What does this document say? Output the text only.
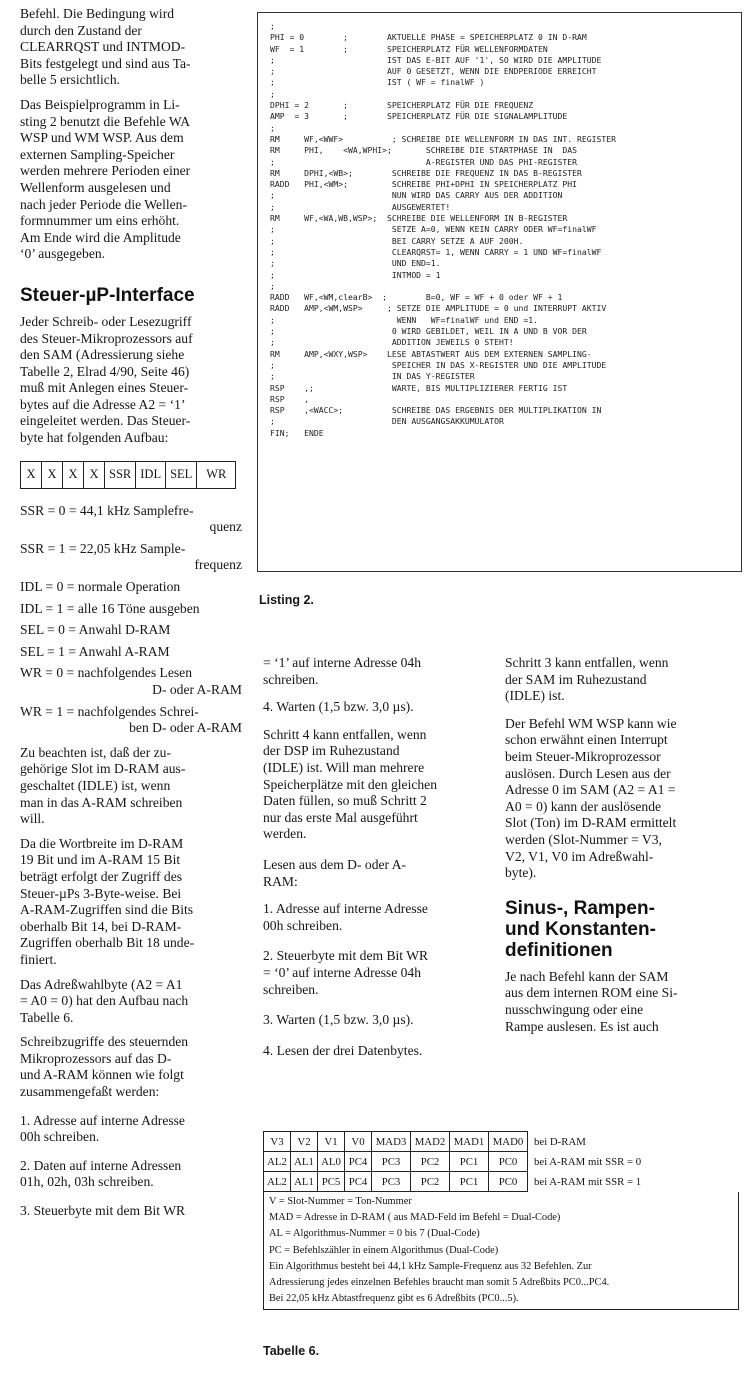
Befehl. Die Bedingung wird

durch den Zustand der

CLEARRQST und INTMOD-

Bits festgelegt und sind aus Ta-

belle 5 ersichtlich.

Das Beispielprogramm in Li-

sting 2 benutzt die Befehle WA

WSP und WM WSP. Aus dem

externen Sampling-Speicher

werden mehrere Perioden einer

Wellenform ausgelesen und

nach jeder Periode die Wellen-

formnummer um eins erhöht.

Am Ende wird die Amplitude

‘0’ ausgegeben.

Steuer-µP-Interface

Jeder Schreib- oder Lesezugriff

des Steuer-Mikroprozessors auf

den SAM (Adressierung siehe

Tabelle 2, Elrad 4/90, Seite 46)

muß mit Anlegen eines Steuer-

bytes auf die Adresse A2 = ‘1’

eingeleitet werden. Das Steuer-

byte hat folgenden Aufbau:

X	X	X	X	SSR	IDL	SEL	WR

SSR = 0 = 44,1 kHz Samplefre-

quenz

SSR = 1 = 22,05 kHz Sample-

frequenz

IDL = 0 = normale Operation

IDL = 1 = alle 16 Töne ausgeben

SEL = 0 = Anwahl D-RAM

SEL = 1 = Anwahl A-RAM

WR = 0 = nachfolgendes Lesen

D- oder A-RAM

WR = 1 = nachfolgendes Schrei-

ben D- oder A-RAM

Zu beachten ist, daß der zu-

gehörige Slot im D-RAM aus-

geschaltet (IDLE) ist, wenn

man in das A-RAM schreiben

will.

Da die Wortbreite im D-RAM

19 Bit und im A-RAM 15 Bit

beträgt erfolgt der Zugriff des

Steuer-µPs 3-Byte-weise. Bei

A-RAM-Zugriffen sind die Bits

oberhalb Bit 14, bei D-RAM-

Zugriffen oberhalb Bit 18 unde-

finiert.

Das Adreßwahlbyte (A2 = A1

= A0 = 0) hat den Aufbau nach

Tabelle 6.

Schreibzugriffe des steuernden

Mikroprozessors auf das D-

und A-RAM können wie folgt

zusammengefaßt werden:

1. Adresse auf interne Adresse

00h schreiben.

2. Daten auf interne Adressen

01h, 02h, 03h schreiben.

3. Steuerbyte mit dem Bit WR

;
PHI = 0        ;        AKTUELLE PHASE = SPEICHERPLATZ 0 IN D-RAM
WF  = 1        ;        SPEICHERPLATZ FÜR WELLENFORMDATEN
;                       IST DAS E-BIT AUF '1', SO WIRD DIE AMPLITUDE
;                       AUF 0 GESETZT, WENN DIE ENDPERIODE ERREICHT
;                       IST ( WF = finalWF )
;
DPHI = 2       ;        SPEICHERPLATZ FÜR DIE FREQUENZ
AMP  = 3       ;        SPEICHERPLATZ FÜR DIE SIGNALAMPLITUDE
;
RM     WF,<WWF>          ; SCHREIBE DIE WELLENFORM IN DAS INT. REGISTER
RM     PHI,    <WA,WPHI>;       SCHREIBE DIE STARTPHASE IN  DAS
;                               A-REGISTER UND DAS PHI-REGISTER
RM     DPHI,<WB>;        SCHREIBE DIE FREQUENZ IN DAS B-REGISTER
RADD   PHI,<WM>;         SCHREIBE PHI+DPHI IN SPEICHERPLATZ PHI
;                        NUN WIRD DAS CARRY AUS DER ADDITION
;                        AUSGEWERTET!
RM     WF,<WA,WB,WSP>;  SCHREIBE DIE WELLENFORM IN B-REGISTER
;                        SETZE A=0, WENN KEIN CARRY ODER WF=finalWF
;                        BEI CARRY SETZE A AUF 200H.
;                        CLEARQRST= 1, WENN CARRY = 1 UND WF=finalWF
;                        UND END=1.
;                        INTMOD = 1
;
RADD   WF,<WM,clearB>  ;        B=0, WF = WF + 0 oder WF + 1
RADD   AMP,<WM,WSP>     ; SETZE DIE AMPLITUDE = 0 und INTERRUPT AKTIV
;                         WENN   WF=finalWF und END =1.
;                        0 WIRD GEBILDET, WEIL IN A UND B VOR DER
;                        ADDITION JEWEILS 0 STEHT!
RM     AMP,<WXY,WSP>    LESE ABTASTWERT AUS DEM EXTERNEN SAMPLING-
;                        SPEICHER IN DAS X-REGISTER UND DIE AMPLITUDE
;                        IN DAS Y-REGISTER
RSP    ,;                WARTE, BIS MULTIPLIZIERER FERTIG IST
RSP    ,
RSP    ,<WACC>;          SCHREIBE DAS ERGEBNIS DER MULTIPLIKATION IN
;                        DEN AUSGANGSAKKUMULATOR
FIN;   ENDE
Listing 2.

= ‘1’ auf interne Adresse 04h

schreiben.

4. Warten (1,5 bzw. 3,0 µs).

Schritt 4 kann entfallen, wenn

der DSP im Ruhezustand

(IDLE) ist. Will man mehrere

Speicherplätze mit den gleichen

Daten füllen, so muß Schritt 2

nur das erste Mal ausgeführt

werden.

Lesen aus dem D- oder A-

RAM:

1. Adresse auf interne Adresse

00h schreiben.

2. Steuerbyte mit dem Bit WR

= ‘0’ auf interne Adresse 04h

schreiben.

3. Warten (1,5 bzw. 3,0 µs).

4. Lesen der drei Datenbytes.

Schritt 3 kann entfallen, wenn

der SAM im Ruhezustand

(IDLE) ist.

Der Befehl WM WSP kann wie

schon erwähnt einen Interrupt

beim Steuer-Mikroprozessor

auslösen. Durch Lesen aus der

Adresse 0 im SAM (A2 = A1 =

A0 = 0) kann der auslösende

Slot (Ton) im D-RAM ermittelt

werden (Slot-Nummer = V3,

V2, V1, V0 im Adreßwahl-

byte).

Sinus-, Rampen-
und Konstanten-
definitionen

Je nach Befehl kann der SAM

aus dem internen ROM eine Si-

nusschwingung oder eine

Rampe auslesen. Es ist auch

V3	V2	V1	V0	MAD3	MAD2	MAD1	MAD0	bei D-RAM
AL2	AL1	AL0	PC4	PC3	PC2	PC1	PC0	bei A-RAM mit SSR = 0
AL2	AL1	PC5	PC4	PC3	PC2	PC1	PC0	bei A-RAM mit SSR = 1
V = Slot-Nummer = Ton-Nummer
MAD = Adresse in D-RAM ( aus MAD-Feld im Befehl = Dual-Code)
AL = Algorithmus-Nummer = 0 bis 7 (Dual-Code)
PC = Befehlszähler in einem Algorithmus (Dual-Code)
Ein Algorithmus besteht bei 44,1 kHz Sample-Frequenz aus 32 Befehlen. Zur
Adressierung jedes einzelnen Befehles braucht man somit 5 Adreßbits PC0...PC4.
Bei 22,05 kHz Abtastfrequenz gibt es 6 Adreßbits (PC0...5).
Tabelle 6.
